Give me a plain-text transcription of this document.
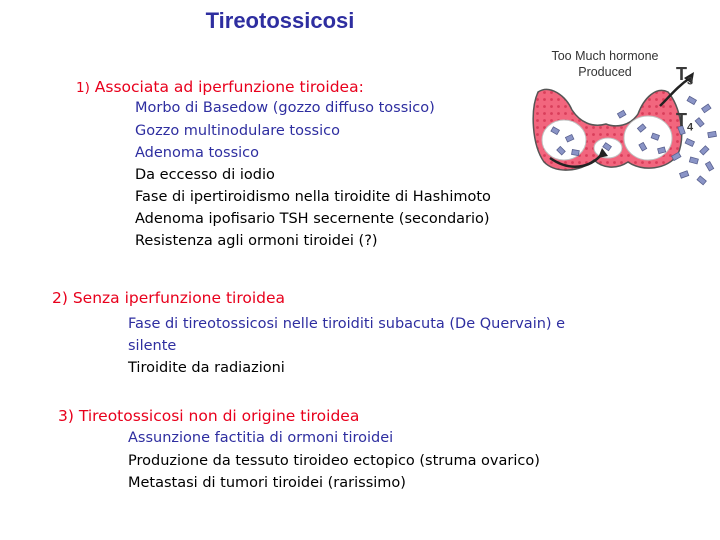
Tireotossicosi
1) Associata ad iperfunzione tiroidea:
Morbo di Basedow (gozzo diffuso tossico)
Gozzo multinodulare tossico
Adenoma tossico
Da eccesso di iodio
Fase di ipertiroidismo nella tiroidite di Hashimoto
Adenoma ipofisario TSH secernente (secondario)
Resistenza agli ormoni tiroidei (?)
2) Senza iperfunzione tiroidea
Fase di tireotossicosi nelle tiroiditi subacuta (De Quervain) e silente
Tiroidite da radiazioni
3) Tireotossicosi non di origine tiroidea
Assunzione factitia di ormoni tiroidei
Produzione da tessuto tiroideo ectopico (struma ovarico)
Metastasi di tumori tiroidei (rarissimo)
Too Much hormone
Produced	$T_3$
$T_4$
